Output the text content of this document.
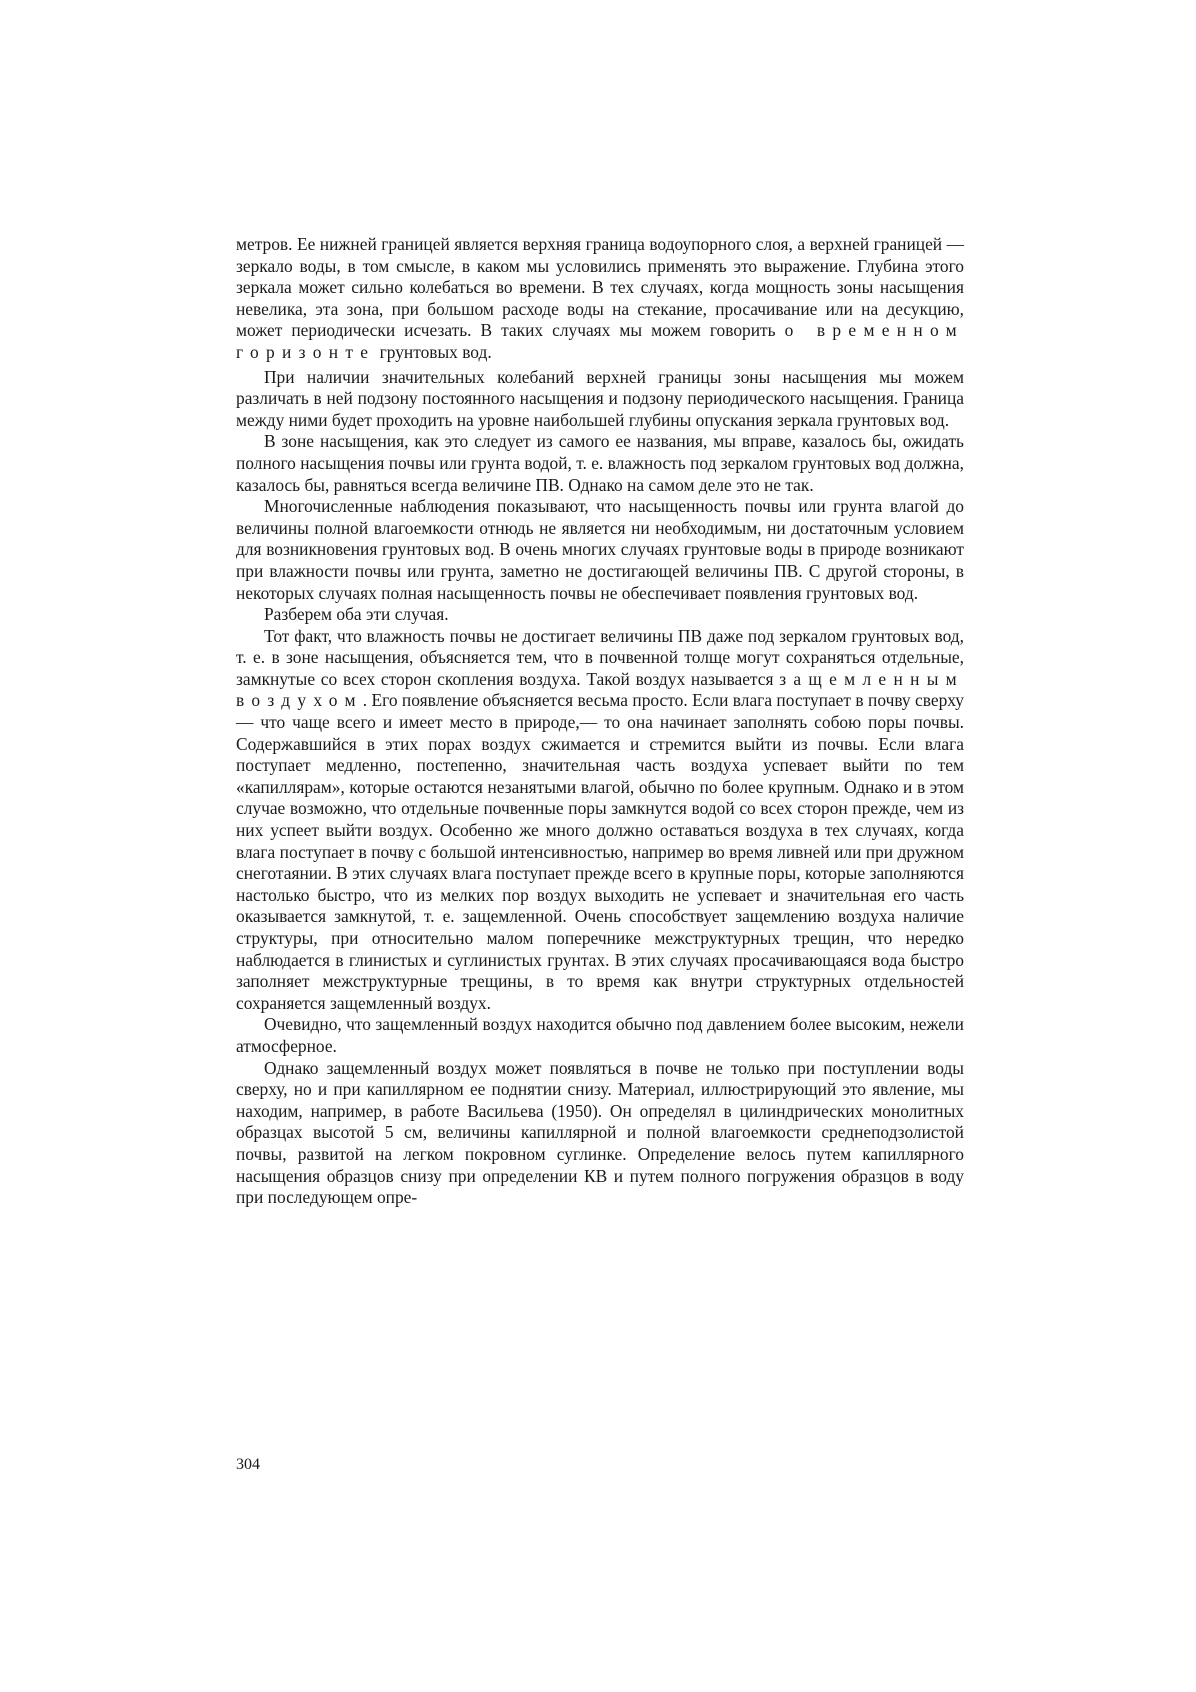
метров. Ее нижней границей является верхняя граница водоупорного слоя, а верхней границей — зеркало воды, в том смысле, в каком мы условились применять это выражение. Глубина этого зеркала может сильно колебаться во времени. В тех случаях, когда мощность зоны насыщения невелика, эта зона, при большом расходе воды на стекание, просачивание или на десукцию, может периодически исчезать. В таких случаях мы можем говорить о временном горизонте грунтовых вод.

При наличии значительных колебаний верхней границы зоны насыщения мы можем различать в ней подзону постоянного насыщения и подзону периодического насыщения. Граница между ними будет проходить на уровне наибольшей глубины опускания зеркала грунтовых вод.

В зоне насыщения, как это следует из самого ее названия, мы вправе, казалось бы, ожидать полного насыщения почвы или грунта водой, т. е. влажность под зеркалом грунтовых вод должна, казалось бы, равняться всегда величине ПВ. Однако на самом деле это не так.

Многочисленные наблюдения показывают, что насыщенность почвы или грунта влагой до величины полной влагоемкости отнюдь не является ни необходимым, ни достаточным условием для возникновения грунтовых вод. В очень многих случаях грунтовые воды в природе возникают при влажности почвы или грунта, заметно не достигающей величины ПВ. С другой стороны, в некоторых случаях полная насыщенность почвы не обеспечивает появления грунтовых вод.

Разберем оба эти случая.

Тот факт, что влажность почвы не достигает величины ПВ даже под зеркалом грунтовых вод, т. е. в зоне насыщения, объясняется тем, что в почвенной толще могут сохраняться отдельные, замкнутые со всех сторон скопления воздуха. Такой воздух называется защемленным воздухом. Его появление объясняется весьма просто. Если влага поступает в почву сверху — что чаще всего и имеет место в природе,— то она начинает заполнять собою поры почвы. Содержавшийся в этих порах воздух сжимается и стремится выйти из почвы. Если влага поступает медленно, постепенно, значительная часть воздуха успевает выйти по тем «капиллярам», которые остаются незанятыми влагой, обычно по более крупным. Однако и в этом случае возможно, что отдельные почвенные поры замкнутся водой со всех сторон прежде, чем из них успеет выйти воздух. Особенно же много должно оставаться воздуха в тех случаях, когда влага поступает в почву с большой интенсивностью, например во время ливней или при дружном снеготаянии. В этих случаях влага поступает прежде всего в крупные поры, которые заполняются настолько быстро, что из мелких пор воздух выходить не успевает и значительная его часть оказывается замкнутой, т. е. защемленной. Очень способствует защемлению воздуха наличие структуры, при относительно малом поперечнике межструктурных трещин, что нередко наблюдается в глинистых и суглинистых грунтах. В этих случаях просачивающаяся вода быстро заполняет межструктурные трещины, в то время как внутри структурных отдельностей сохраняется защемленный воздух.

Очевидно, что защемленный воздух находится обычно под давлением более высоким, нежели атмосферное.

Однако защемленный воздух может появляться в почве не только при поступлении воды сверху, но и при капиллярном ее поднятии снизу. Материал, иллюстрирующий это явление, мы находим, например, в работе Васильева (1950). Он определял в цилиндрических монолитных образцах высотой 5 см, величины капиллярной и полной влагоемкости среднеподзолистой почвы, развитой на легком покровном суглинке. Определение велось путем капиллярного насыщения образцов снизу при определении КВ и путем полного погружения образцов в воду при последующем опре-

304
